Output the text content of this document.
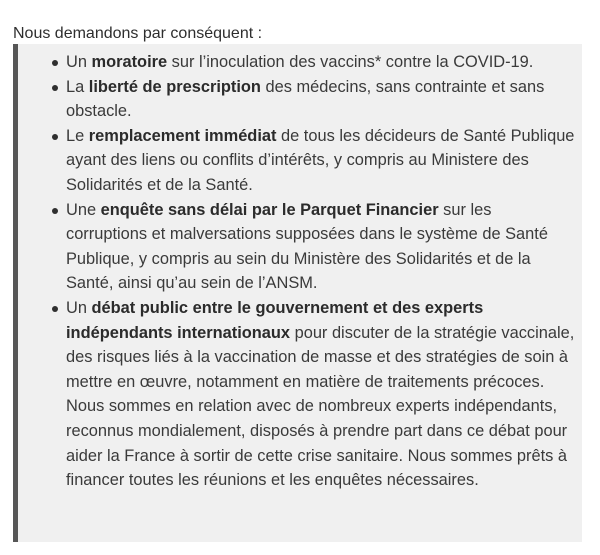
Nous demandons par conséquent :

Un moratoire sur l’inoculation des vaccins* contre la COVID-19.
La liberté de prescription des médecins, sans contrainte et sans obstacle.
Le remplacement immédiat de tous les décideurs de Santé Publique ayant des liens ou conflits d’intérêts, y compris au Ministere des Solidarités et de la Santé.
Une enquête sans délai par le Parquet Financier sur les corruptions et malversations supposées dans le système de Santé Publique, y compris au sein du Ministère des Solidarités et de la Santé, ainsi qu’au sein de l’ANSM.
Un débat public entre le gouvernement et des experts indépendants internationaux pour discuter de la stratégie vaccinale, des risques liés à la vaccination de masse et des stratégies de soin à mettre en œuvre, notamment en matière de traitements précoces. Nous sommes en relation avec de nombreux experts indépendants, reconnus mondialement, disposés à prendre part dans ce débat pour aider la France à sortir de cette crise sanitaire. Nous sommes prêts à financer toutes les réunions et les enquêtes nécessaires.
